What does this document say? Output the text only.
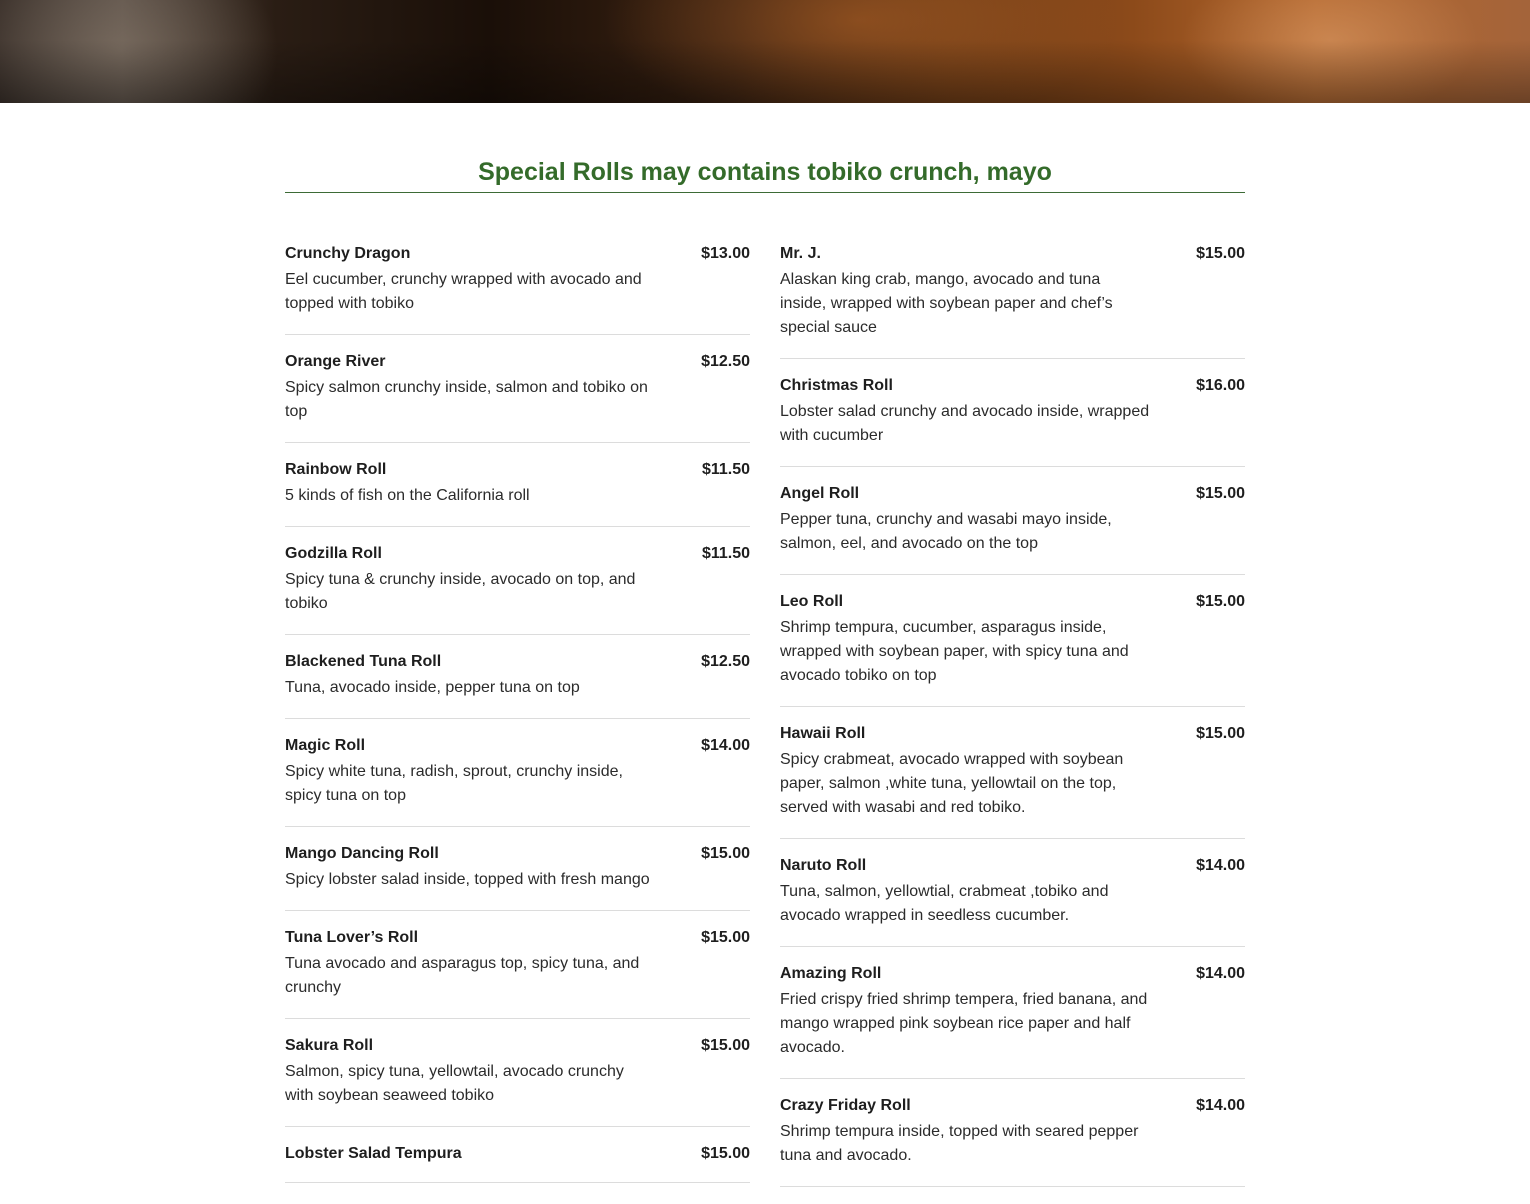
Special Rolls may contains tobiko crunch, mayo
Crunchy Dragon	$13.00
Eel cucumber, crunchy wrapped with avocado and topped with tobiko
Orange River	$12.50
Spicy salmon crunchy inside, salmon and tobiko on top
Rainbow Roll	$11.50
5 kinds of fish on the California roll
Godzilla Roll	$11.50
Spicy tuna & crunchy inside, avocado on top, and tobiko
Blackened Tuna Roll	$12.50
Tuna, avocado inside, pepper tuna on top
Magic Roll	$14.00
Spicy white tuna, radish, sprout, crunchy inside, spicy tuna on top
Mango Dancing Roll	$15.00
Spicy lobster salad inside, topped with fresh mango
Tuna Lover’s Roll	$15.00
Tuna avocado and asparagus top, spicy tuna, and crunchy
Sakura Roll	$15.00
Salmon, spicy tuna, yellowtail, avocado crunchy with soybean seaweed tobiko
Lobster Salad Tempura	$15.00
Mr. J.	$15.00
Alaskan king crab, mango, avocado and tuna inside, wrapped with soybean paper and chef’s special sauce
Christmas Roll	$16.00
Lobster salad crunchy and avocado inside, wrapped with cucumber
Angel Roll	$15.00
Pepper tuna, crunchy and wasabi mayo inside, salmon, eel, and avocado on the top
Leo Roll	$15.00
Shrimp tempura, cucumber, asparagus inside, wrapped with soybean paper, with spicy tuna and avocado tobiko on top
Hawaii Roll	$15.00
Spicy crabmeat, avocado wrapped with soybean paper, salmon ,white tuna, yellowtail on the top, served with wasabi and red tobiko.
Naruto Roll	$14.00
Tuna, salmon, yellowtial, crabmeat ,tobiko and avocado wrapped in seedless cucumber.
Amazing Roll	$14.00
Fried crispy fried shrimp tempera, fried banana, and mango wrapped pink soybean rice paper and half avocado.
Crazy Friday Roll	$14.00
Shrimp tempura inside, topped with seared pepper tuna and avocado.
